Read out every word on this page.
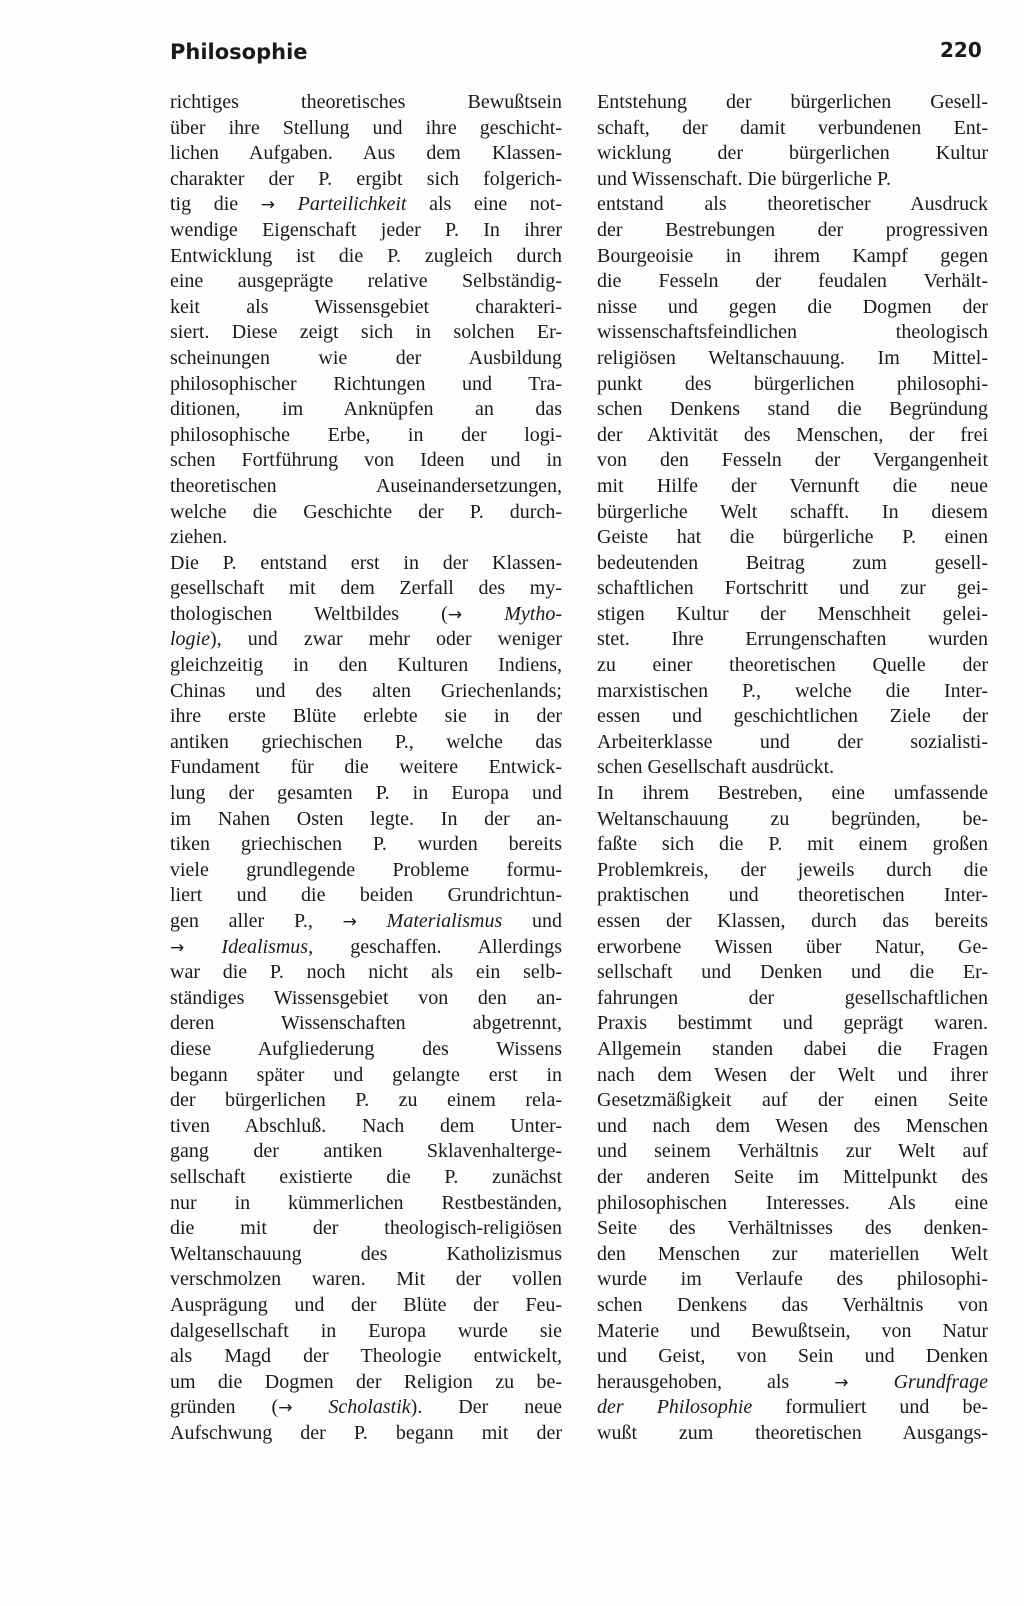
Philosophie	220
richtiges theoretisches Bewußtsein
über ihre Stellung und ihre geschicht-
lichen Aufgaben. Aus dem Klassen-
charakter der P. ergibt sich folgerich-
tig die → Parteilichkeit als eine not-
wendige Eigenschaft jeder P. In ihrer
Entwicklung ist die P. zugleich durch
eine ausgeprägte relative Selbständig-
keit als Wissensgebiet charakteri-
siert. Diese zeigt sich in solchen Er-
scheinungen wie der Ausbildung
philosophischer Richtungen und Tra-
ditionen, im Anknüpfen an das
philosophische Erbe, in der logi-
schen Fortführung von Ideen und in
theoretischen Auseinandersetzungen,
welche die Geschichte der P. durch-
ziehen.
Die P. entstand erst in der Klassen-
gesellschaft mit dem Zerfall des my-
thologischen Weltbildes (→ Mytho-
logie), und zwar mehr oder weniger
gleichzeitig in den Kulturen Indiens,
Chinas und des alten Griechenlands;
ihre erste Blüte erlebte sie in der
antiken griechischen P., welche das
Fundament für die weitere Entwick-
lung der gesamten P. in Europa und
im Nahen Osten legte. In der an-
tiken griechischen P. wurden bereits
viele grundlegende Probleme formu-
liert und die beiden Grundrichtun-
gen aller P., → Materialismus und
→ Idealismus, geschaffen. Allerdings
war die P. noch nicht als ein selb-
ständiges Wissensgebiet von den an-
deren Wissenschaften abgetrennt,
diese Aufgliederung des Wissens
begann später und gelangte erst in
der bürgerlichen P. zu einem rela-
tiven Abschluß. Nach dem Unter-
gang der antiken Sklavenhalterge-
sellschaft existierte die P. zunächst
nur in kümmerlichen Restbeständen,
die mit der theologisch-religiösen
Weltanschauung des Katholizismus
verschmolzen waren. Mit der vollen
Ausprägung und der Blüte der Feu-
dalgesellschaft in Europa wurde sie
als Magd der Theologie entwickelt,
um die Dogmen der Religion zu be-
gründen (→ Scholastik). Der neue
Aufschwung der P. begann mit der
Entstehung der bürgerlichen Gesell-
schaft, der damit verbundenen Ent-
wicklung der bürgerlichen Kultur
und Wissenschaft. Die bürgerliche P.
entstand als theoretischer Ausdruck
der Bestrebungen der progressiven
Bourgeoisie in ihrem Kampf gegen
die Fesseln der feudalen Verhält-
nisse und gegen die Dogmen der
wissenschaftsfeindlichen theologisch
religiösen Weltanschauung. Im Mittel-
punkt des bürgerlichen philosophi-
schen Denkens stand die Begründung
der Aktivität des Menschen, der frei
von den Fesseln der Vergangenheit
mit Hilfe der Vernunft die neue
bürgerliche Welt schafft. In diesem
Geiste hat die bürgerliche P. einen
bedeutenden Beitrag zum gesell-
schaftlichen Fortschritt und zur gei-
stigen Kultur der Menschheit gelei-
stet. Ihre Errungenschaften wurden
zu einer theoretischen Quelle der
marxistischen P., welche die Inter-
essen und geschichtlichen Ziele der
Arbeiterklasse und der sozialisti-
schen Gesellschaft ausdrückt.
In ihrem Bestreben, eine umfassende
Weltanschauung zu begründen, be-
faßte sich die P. mit einem großen
Problemkreis, der jeweils durch die
praktischen und theoretischen Inter-
essen der Klassen, durch das bereits
erworbene Wissen über Natur, Ge-
sellschaft und Denken und die Er-
fahrungen der gesellschaftlichen
Praxis bestimmt und geprägt waren.
Allgemein standen dabei die Fragen
nach dem Wesen der Welt und ihrer
Gesetzmäßigkeit auf der einen Seite
und nach dem Wesen des Menschen
und seinem Verhältnis zur Welt auf
der anderen Seite im Mittelpunkt des
philosophischen Interesses. Als eine
Seite des Verhältnisses des denken-
den Menschen zur materiellen Welt
wurde im Verlaufe des philosophi-
schen Denkens das Verhältnis von
Materie und Bewußtsein, von Natur
und Geist, von Sein und Denken
herausgehoben, als → Grundfrage
der Philosophie formuliert und be-
wußt zum theoretischen Ausgangs-
